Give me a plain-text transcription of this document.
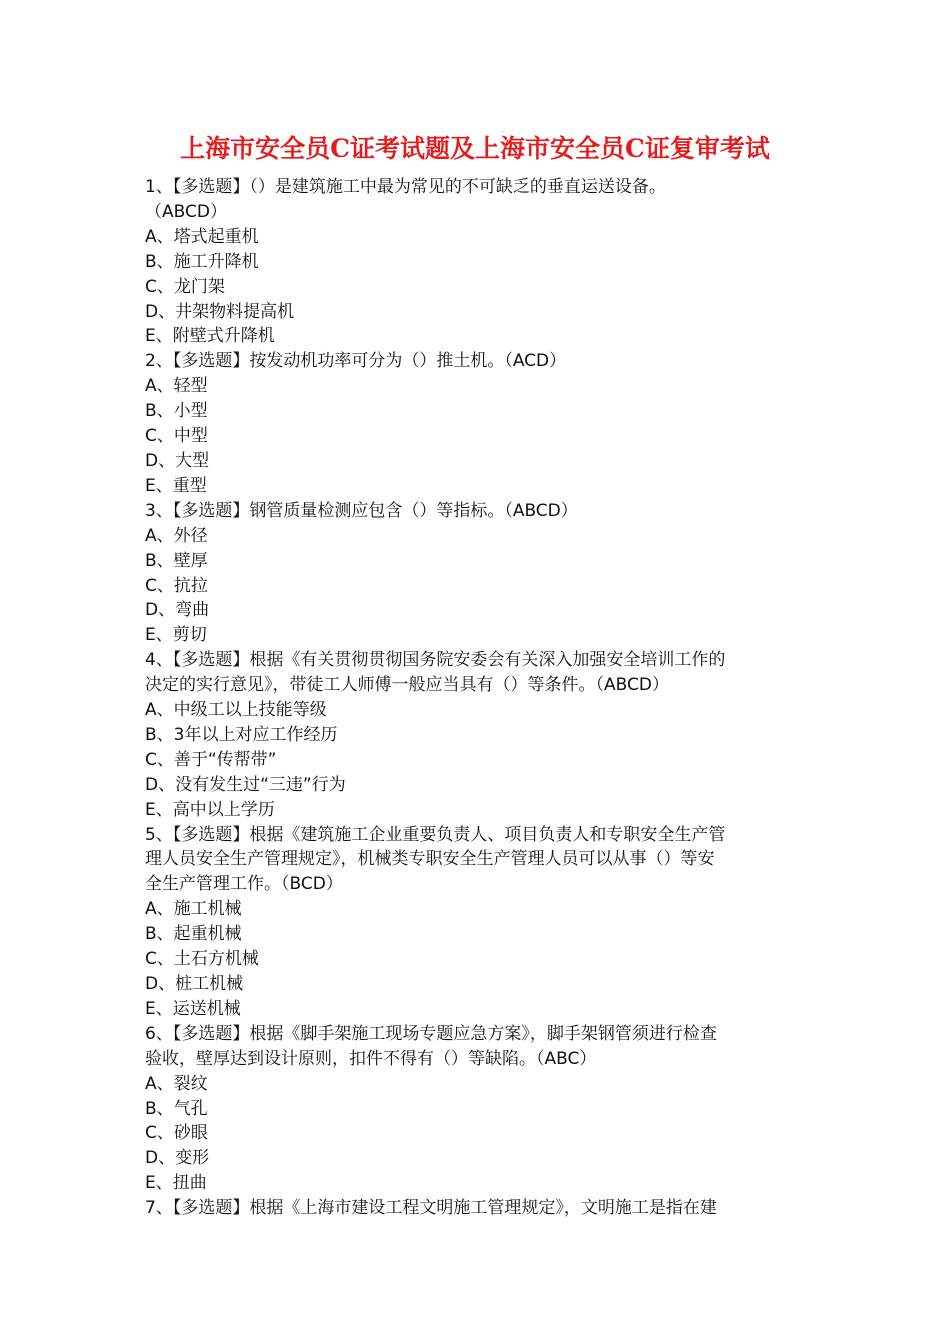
上海市安全员C证考试题及上海市安全员C证复审考试
1、【多选题】（）是建筑施工中最为常见的不可缺乏的垂直运送设备。
（ABCD）
A、塔式起重机
B、施工升降机
C、龙门架
D、井架物料提高机
E、附壁式升降机
2、【多选题】按发动机功率可分为（）推土机。（ACD）
A、轻型
B、小型
C、中型
D、大型
E、重型
3、【多选题】钢管质量检测应包含（）等指标。（ABCD）
A、外径
B、壁厚
C、抗拉
D、弯曲
E、剪切
4、【多选题】根据《有关贯彻贯彻国务院安委会有关深入加强安全培训工作的
决定的实行意见》，带徒工人师傅一般应当具有（）等条件。（ABCD）
A、中级工以上技能等级
B、3年以上对应工作经历
C、善于“传帮带”
D、没有发生过“三违”行为
E、高中以上学历
5、【多选题】根据《建筑施工企业重要负责人、项目负责人和专职安全生产管
理人员安全生产管理规定》，机械类专职安全生产管理人员可以从事（）等安
全生产管理工作。（BCD）
A、施工机械
B、起重机械
C、土石方机械
D、桩工机械
E、运送机械
6、【多选题】根据《脚手架施工现场专题应急方案》，脚手架钢管须进行检查
验收，壁厚达到设计原则，扣件不得有（）等缺陷。（ABC）
A、裂纹
B、气孔
C、砂眼
D、变形
E、扭曲
7、【多选题】根据《上海市建设工程文明施工管理规定》，文明施工是指在建
